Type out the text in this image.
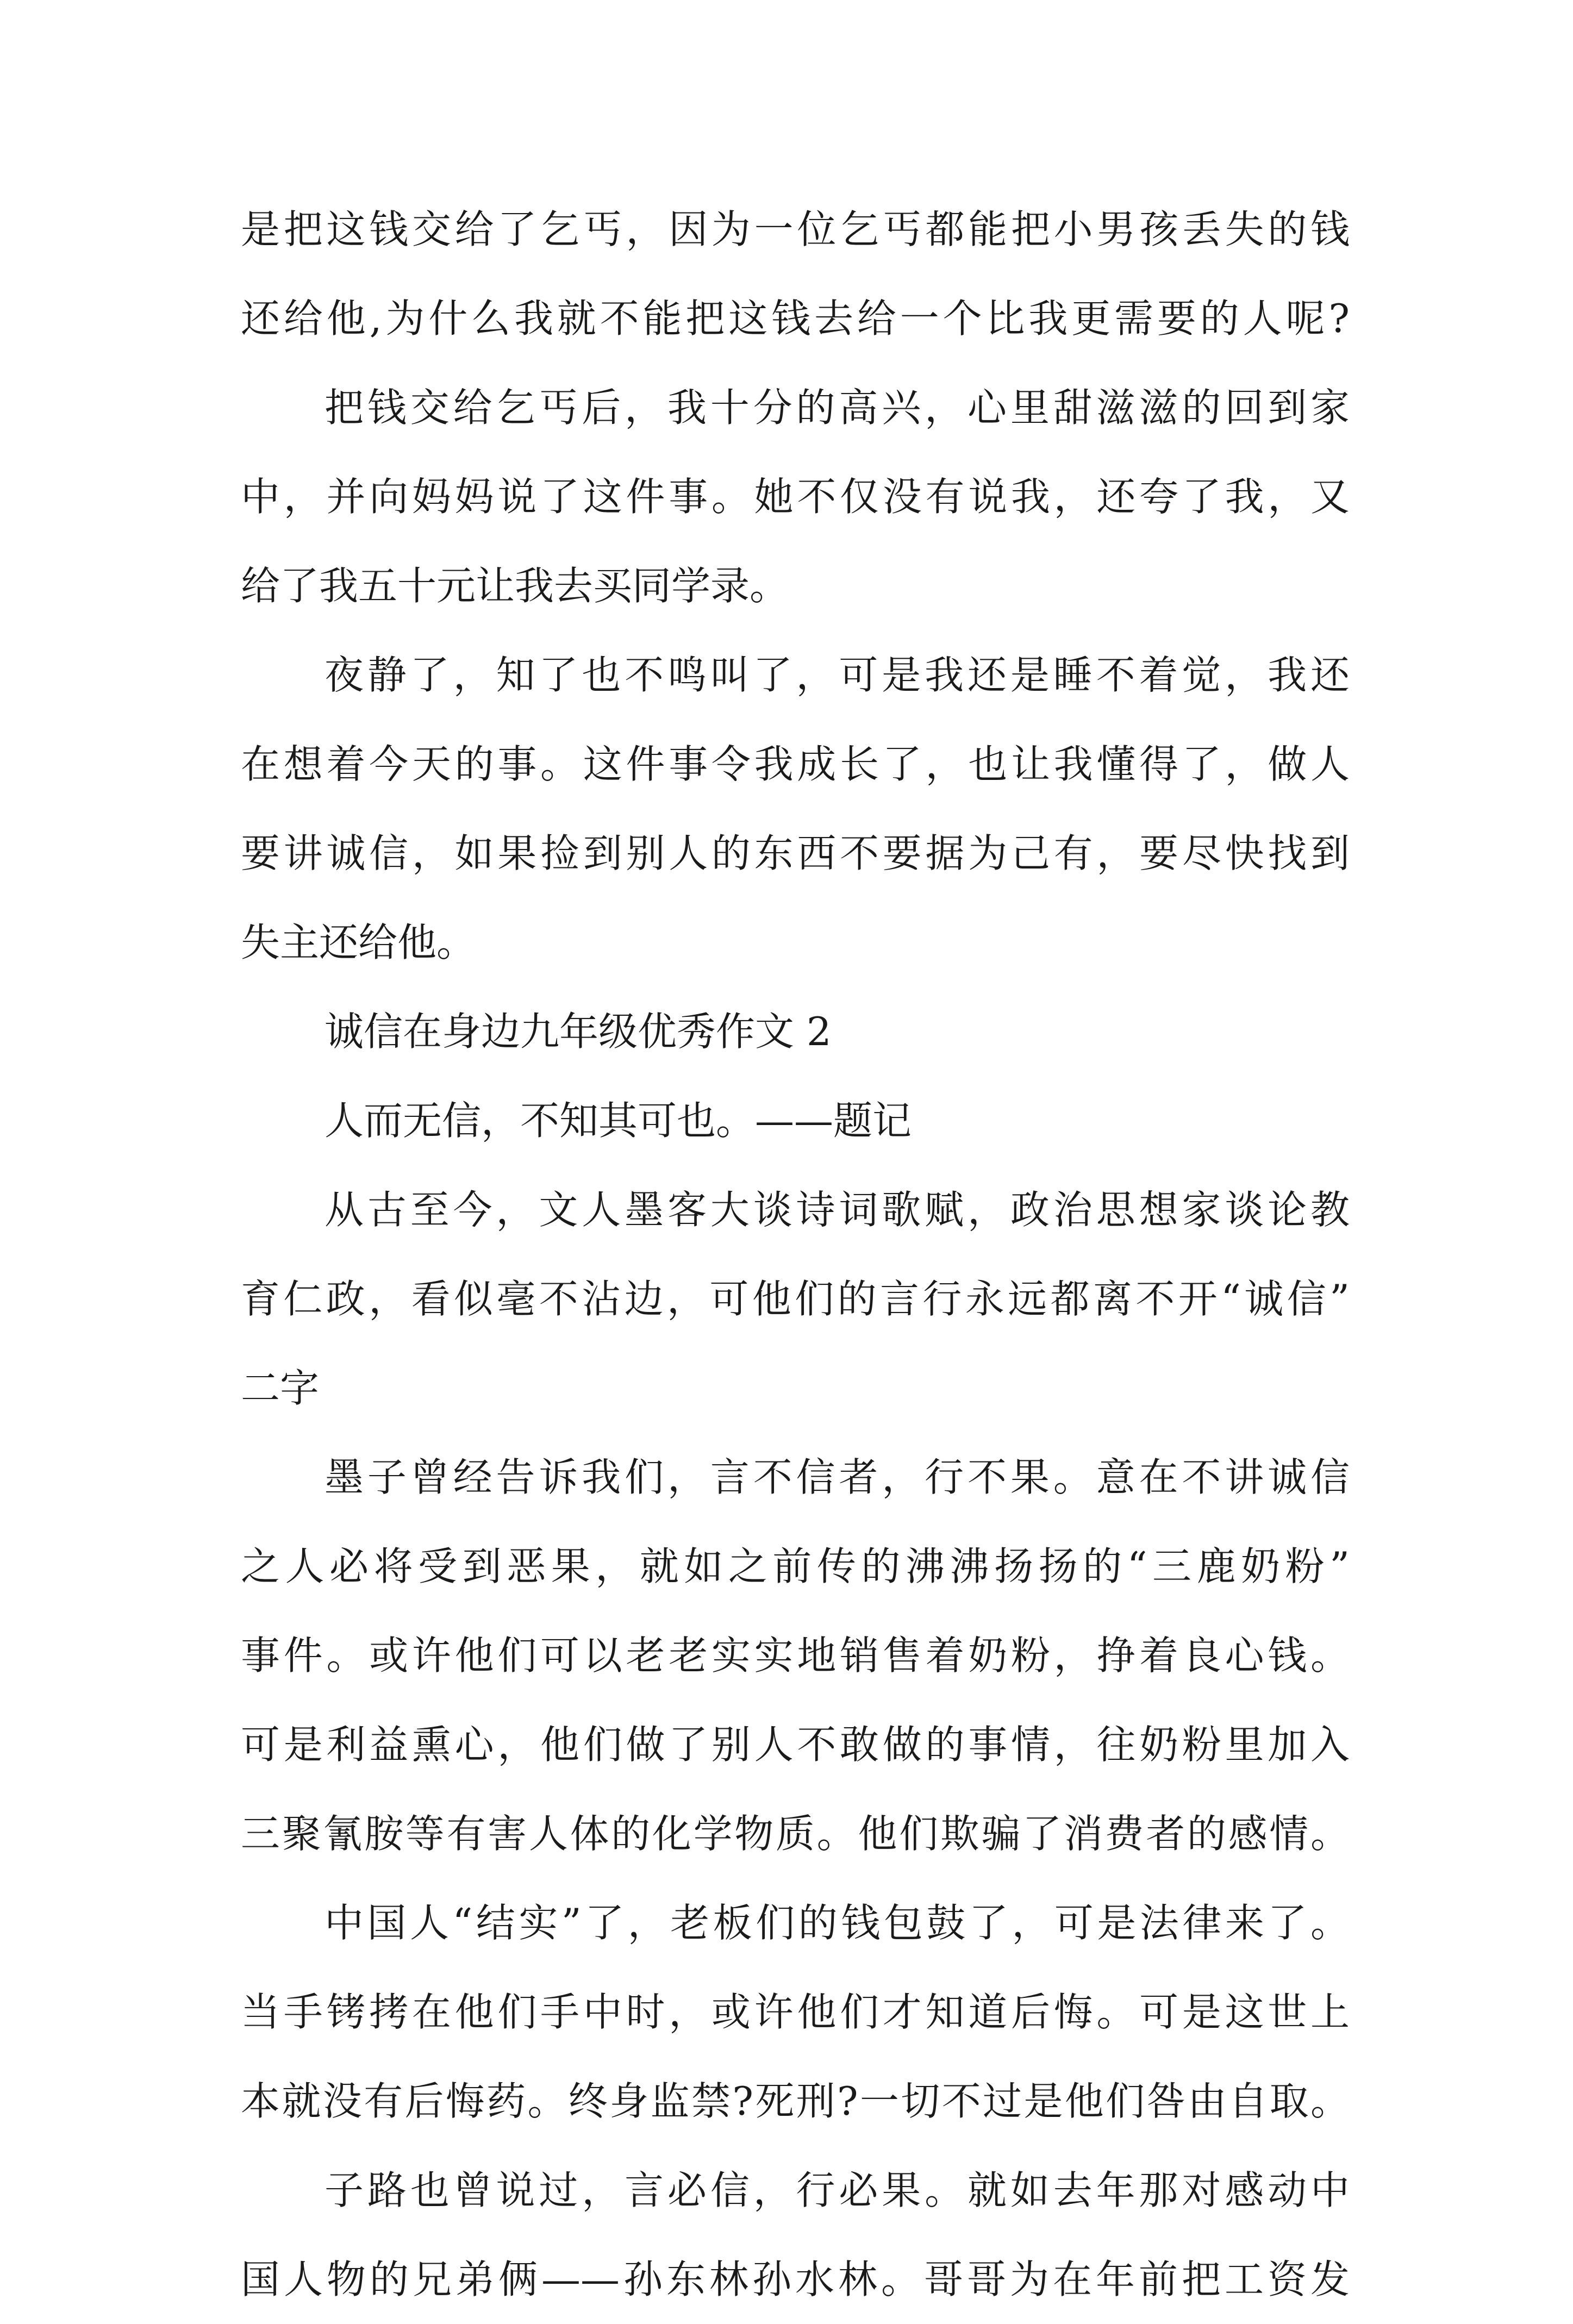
是把这钱交给了乞丐，因为一位乞丐都能把小男孩丢失的钱
还给他,为什么我就不能把这钱去给一个比我更需要的人呢?
把钱交给乞丐后，我十分的高兴，心里甜滋滋的回到家
中，并向妈妈说了这件事。她不仅没有说我，还夸了我，又
给了我五十元让我去买同学录。
夜静了，知了也不鸣叫了，可是我还是睡不着觉，我还
在想着今天的事。这件事令我成长了，也让我懂得了，做人
要讲诚信，如果捡到别人的东西不要据为己有，要尽快找到
失主还给他。
诚信在身边九年级优秀作文 2
人而无信，不知其可也。——题记
从古至今，文人墨客大谈诗词歌赋，政治思想家谈论教
育仁政，看似毫不沾边，可他们的言行永远都离不开“诚信”
二字
墨子曾经告诉我们，言不信者，行不果。意在不讲诚信
之人必将受到恶果，就如之前传的沸沸扬扬的“三鹿奶粉”
事件。或许他们可以老老实实地销售着奶粉，挣着良心钱。
可是利益熏心，他们做了别人不敢做的事情，往奶粉里加入
三聚氰胺等有害人体的化学物质。他们欺骗了消费者的感情。
中国人“结实”了，老板们的钱包鼓了，可是法律来了。
当手铐拷在他们手中时，或许他们才知道后悔。可是这世上
本就没有后悔药。终身监禁?死刑?一切不过是他们咎由自取。
子路也曾说过，言必信，行必果。就如去年那对感动中
国人物的兄弟俩——孙东林孙水林。哥哥为在年前把工资发
